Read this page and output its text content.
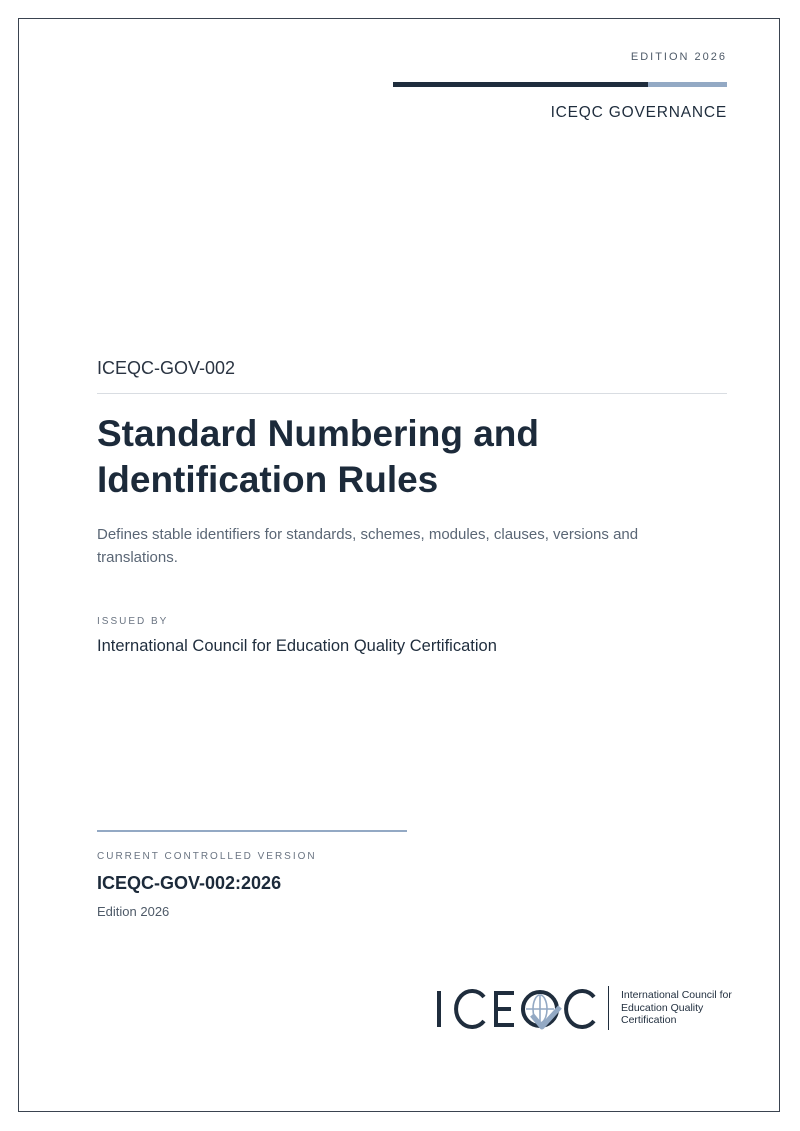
EDITION 2026
ICEQC GOVERNANCE
ICEQC-GOV-002
Standard Numbering and
Identification Rules

Defines stable identifiers for standards, schemes, modules, clauses, versions and
translations.

ISSUED BY
International Council for Education Quality Certification
CURRENT CONTROLLED VERSION
ICEQC-GOV-002:2026
Edition 2026
International Council for
Education Quality
Certification
